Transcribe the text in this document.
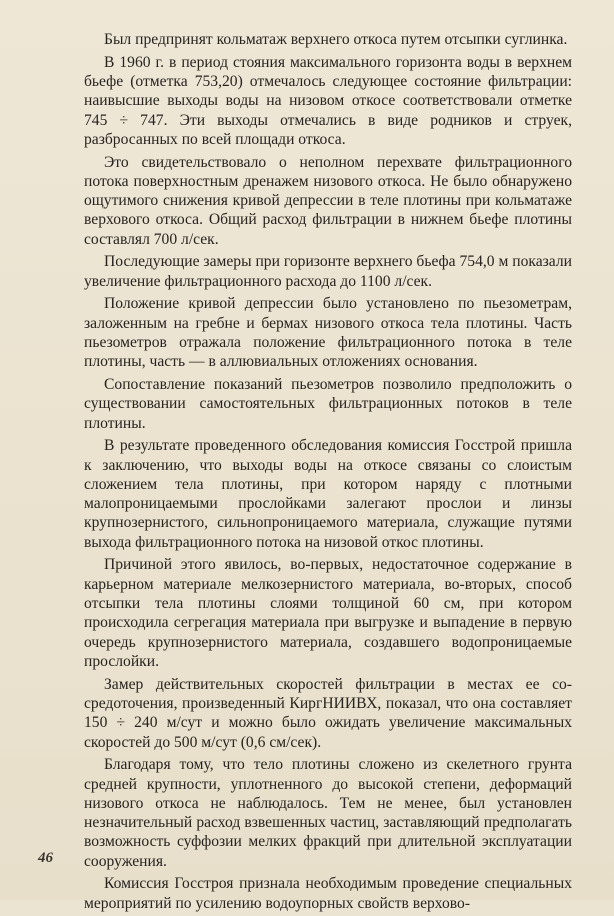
Был предпринят кольматаж верхнего откоса путем отсыпки суглинка.

В 1960 г. в период стояния максимального горизонта воды в верхнем бьефе (отметка 753,20) отмечалось следующее состояние фильтрации: наивысшие выходы воды на низовом откосе соответствовали отметке 745 ÷ 747. Эти выходы отмечались в виде родников и струек, разбросанных по всей площади откоса.

Это свидетельствовало о неполном перехвате фильтрационного потока поверхностным дренажем низового откоса. Не было обнаружено ощутимого снижения кривой депрессии в теле плотины при кольматаже верхового откоса. Общий расход фильтрации в нижнем бьефе плотины составлял 700 л/сек.

Последующие замеры при горизонте верхнего бьефа 754,0 м показали увеличение фильтрационного расхода до 1100 л/сек.

Положение кривой депрессии было установлено по пьезометрам, заложенным на гребне и бермах низового откоса тела плотины. Часть пьезометров отражала положение фильтрационного потока в теле плотины, часть — в аллювиальных отложениях основания.

Сопоставление показаний пьезометров позволило предположить о существовании самостоятельных фильтрационных потоков в теле плотины.

В результате проведенного обследования комиссия Госстрой пришла к заключению, что выходы воды на откосе связаны со слоистым сложением тела плотины, при котором наряду с плотными малопроницаемыми прослойками залегают прослои и линзы крупнозернистого, сильнопроницаемого материала, служащие путями выхода фильтрационного потока на низовой откос плотины.

Причиной этого явилось, во-первых, недостаточное содержание в карьерном материале мелкозернистого материала, во-вторых, способ отсыпки тела плотины слоями толщиной 60 см, при котором происходила сегрегация материала при выгрузке и выпадение в первую очередь крупнозернистого материала, создавшего водопроницаемые прослойки.

Замер действительных скоростей фильтрации в местах ее сосредоточения, произведенный КиргНИИВХ, показал, что она составляет 150 ÷ 240 м/сут и можно было ожидать увеличение максимальных скоростей до 500 м/сут (0,6 см/сек).

Благодаря тому, что тело плотины сложено из скелетного грунта средней крупности, уплотненного до высокой степени, деформаций низового откоса не наблюдалось. Тем не менее, был установлен незначительный расход взвешенных частиц, заставляющий предполагать возможность суффозии мелких фракций при длительной эксплуатации сооружения.

Комиссия Госстроя признала необходимым проведение специальных мероприятий по усилению водоупорных свойств верхово-

46
